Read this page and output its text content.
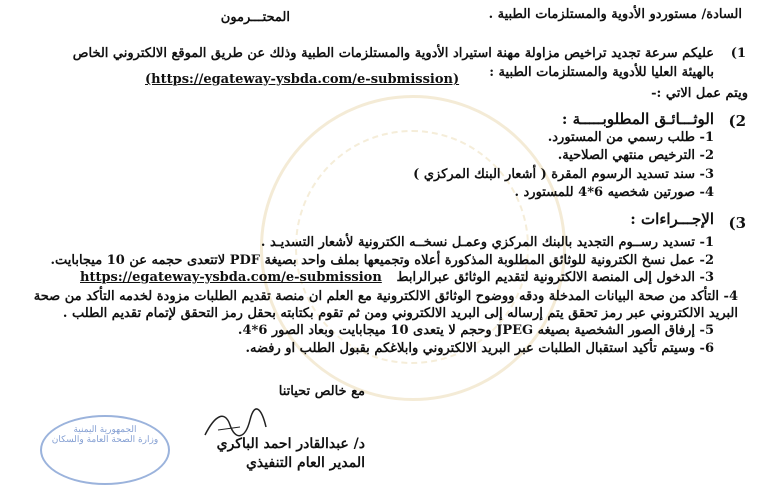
السادة/ مستوردو الأدوية والمستلزمات الطبية .
المحتـــرمون
1)
عليكم سرعة تجديد تراخيص مزاولة مهنة استيراد الأدوية والمستلزمات الطبية وذلك عن طريق الموقع الالكتروني الخاص
بالهيئة العليا للأدوية والمستلزمات الطبية :
(https://egateway-ysbda.com/e-submission)
ويتم عمل الاتي :-
2)
الوثـــائـق المطلوبـــــة :
1- طلب رسمي من المستورد.
2- الترخيص منتهي الصلاحية.
3- سند تسديد الرسوم المقرة ( أشعار البنك المركزي )
4- صورتين شخصيه 6*4 للمستورد .
3)
الإجـــراءات :
1- تسديد رســوم التجديد بالبنك المركزي وعمـل نسخــه الكترونية لأشعار التسديـد .
2- عمل نسخ الكترونية للوثائق المطلوبة المذكورة أعلاه وتجميعها بملف واحد بصيغة PDF لاتتعدى حجمه عن 10 ميجابايت.
3- الدخول إلى المنصة الالكترونية لتقديم الوثائق عبرالرابط
https://egateway-ysbda.com/e-submission
4- التأكد من صحة البيانات المدخلة ودقه ووضوح الوثائق الالكترونية مع العلم ان منصة تقديم الطلبات مزودة لخدمه التأكد من صحة
البريد الالكتروني عبر رمز تحقق يتم إرساله إلى البريد الالكتروني ومن ثم تقوم بكتابته بحقل رمز التحقق لإتمام تقديم الطلب .
5- إرفاق الصور الشخصية بصيغه JPEG وحجم لا يتعدى 10 ميجابايت وبعاد الصور 6*4.
6- وسيتم تأكيد استقبال الطلبات عبر البريد الالكتروني وابلاغكم بقبول الطلب او رفضه.
مع خالص تحياتنا
د/ عبدالقادر احمد الباكري
المدير العام التنفيذي
الجمهورية اليمنية
وزارة الصحة العامة والسكان
